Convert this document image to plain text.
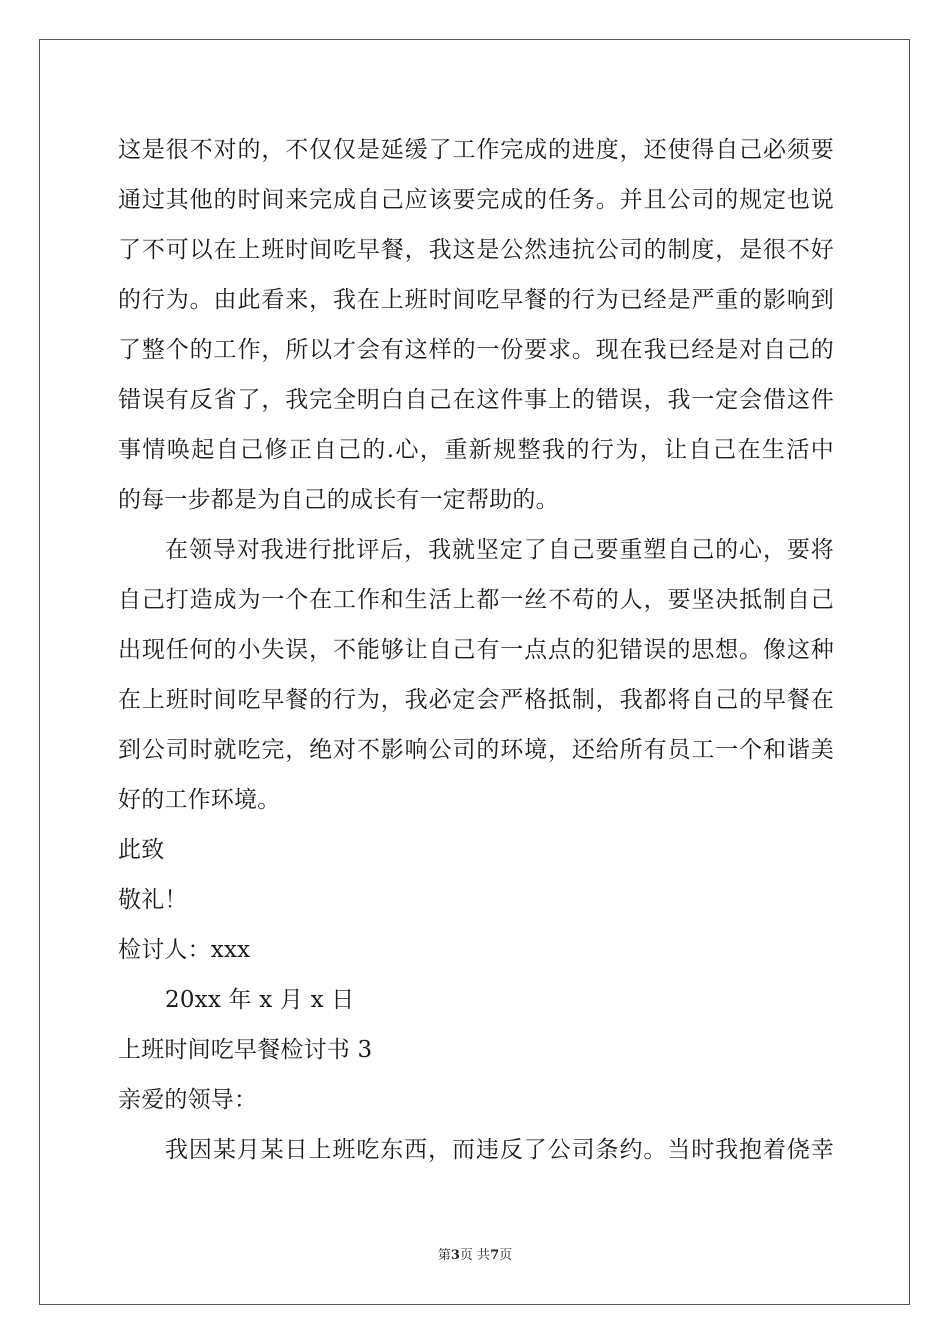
这是很不对的，不仅仅是延缓了工作完成的进度，还使得自己必须要
通过其他的时间来完成自己应该要完成的任务。并且公司的规定也说
了不可以在上班时间吃早餐，我这是公然违抗公司的制度，是很不好
的行为。由此看来，我在上班时间吃早餐的行为已经是严重的影响到
了整个的工作，所以才会有这样的一份要求。现在我已经是对自己的
错误有反省了，我完全明白自己在这件事上的错误，我一定会借这件
事情唤起自己修正自己的.心，重新规整我的行为，让自己在生活中
的每一步都是为自己的成长有一定帮助的。
在领导对我进行批评后，我就坚定了自己要重塑自己的心，要将
自己打造成为一个在工作和生活上都一丝不苟的人，要坚决抵制自己
出现任何的小失误，不能够让自己有一点点的犯错误的思想。像这种
在上班时间吃早餐的行为，我必定会严格抵制，我都将自己的早餐在
到公司时就吃完，绝对不影响公司的环境，还给所有员工一个和谐美
好的工作环境。
此致
敬礼！
检讨人：xxx
20xx 年 x 月 x 日
上班时间吃早餐检讨书 3
亲爱的领导：
我因某月某日上班吃东西，而违反了公司条约。当时我抱着侥幸
第3页 共7页
